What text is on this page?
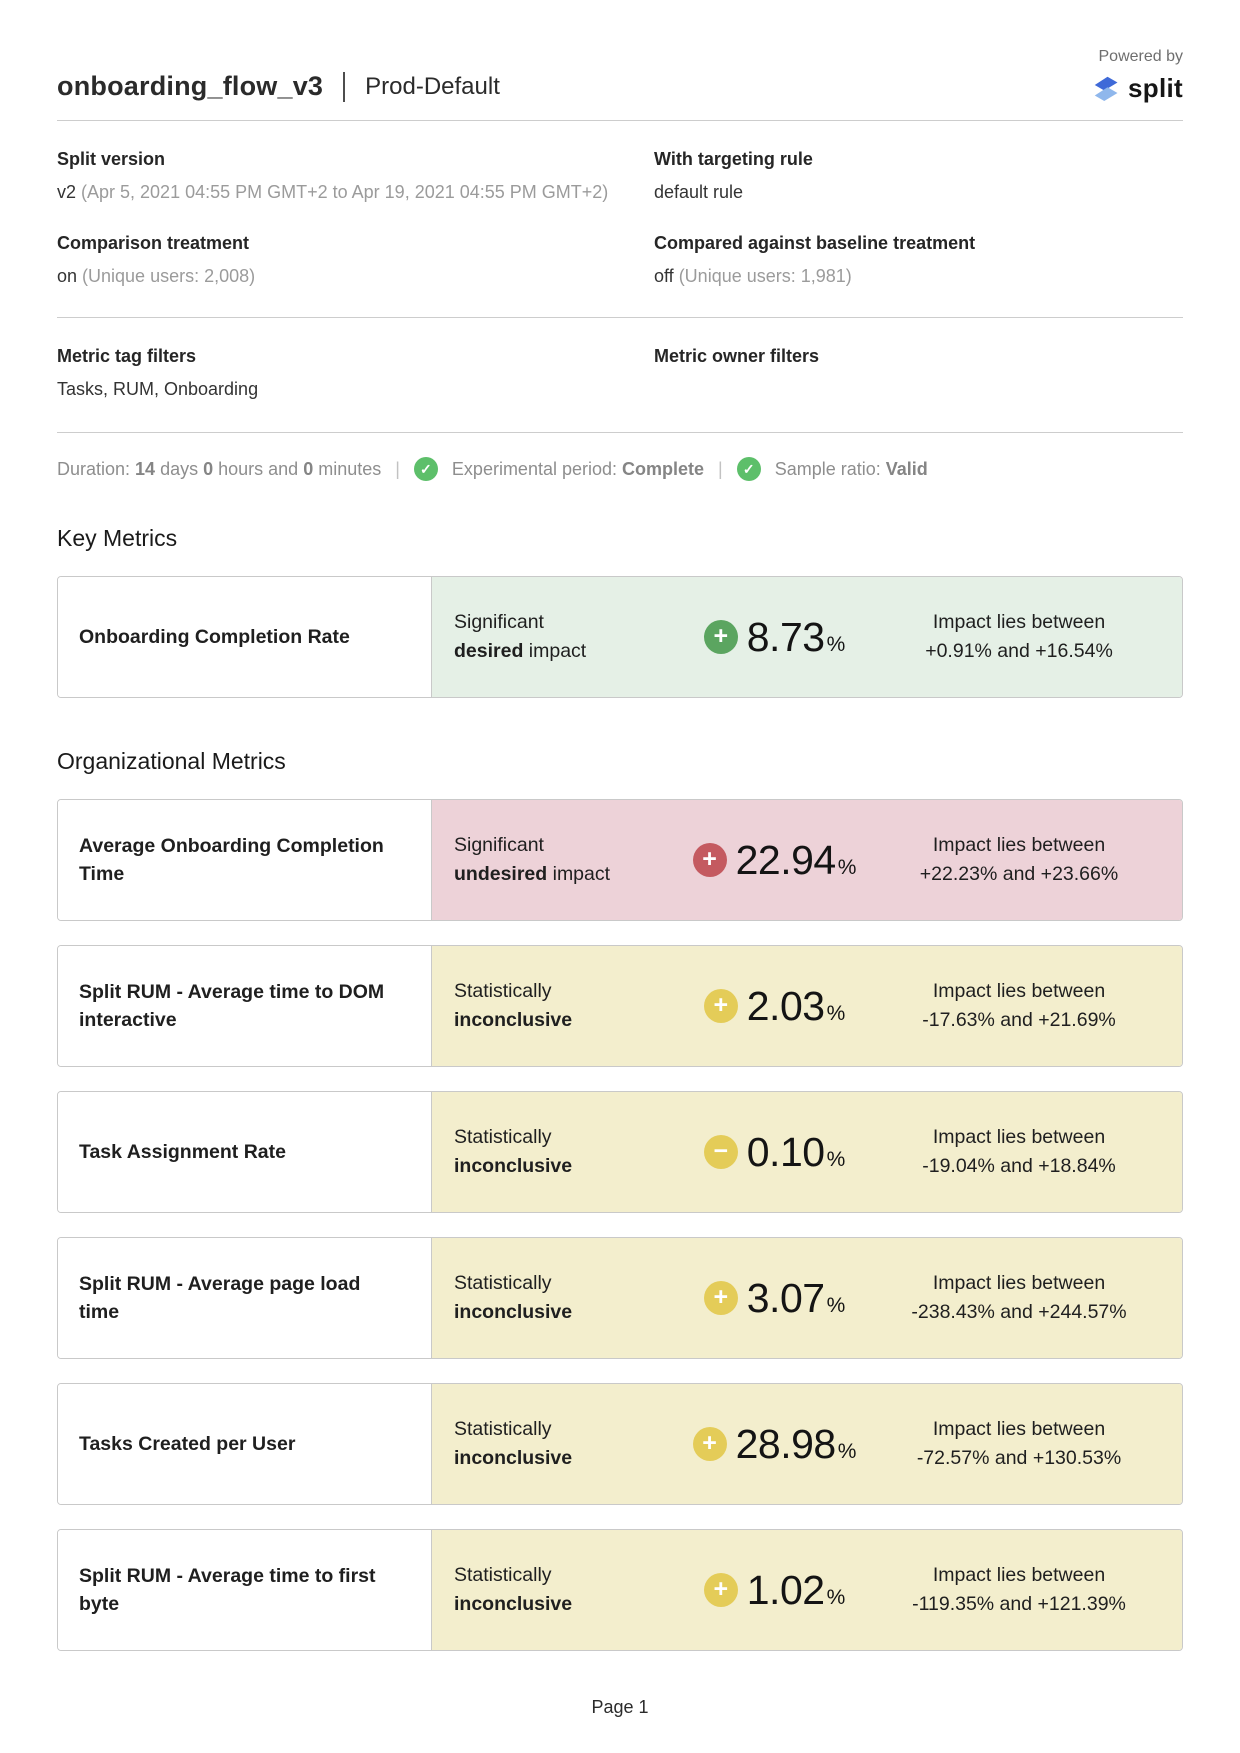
onboarding_flow_v3 Prod-Default
Powered by
split
Split version
v2 (Apr 5, 2021 04:55 PM GMT+2 to Apr 19, 2021 04:55 PM GMT+2)
With targeting rule
default rule
Comparison treatment
on (Unique users: 2,008)
Compared against baseline treatment
off (Unique users: 1,981)
Metric tag filters
Tasks, RUM, Onboarding
Metric owner filters
Duration: 14 days 0 hours and 0 minutes |	✓	Experimental period: Complete |	✓	Sample ratio: Valid
Key Metrics
Onboarding Completion Rate
Significant
desired impact +	8.73 %
Impact lies between
+0.91% and +16.54%
Organizational Metrics
Average Onboarding Completion Time
Significant
undesired impact +	22.94 %
Impact lies between
+22.23% and +23.66%
Split RUM - Average time to DOM interactive
Statistically
inconclusive +	2.03 %
Impact lies between
-17.63% and +21.69%
Task Assignment Rate
Statistically
inconclusive −	0.10 %
Impact lies between
-19.04% and +18.84%
Split RUM - Average page load time
Statistically
inconclusive +	3.07 %
Impact lies between
-238.43% and +244.57%
Tasks Created per User
Statistically
inconclusive +	28.98 %
Impact lies between
-72.57% and +130.53%
Split RUM - Average time to first byte
Statistically
inconclusive +	1.02 %
Impact lies between
-119.35% and +121.39%
Page 1
